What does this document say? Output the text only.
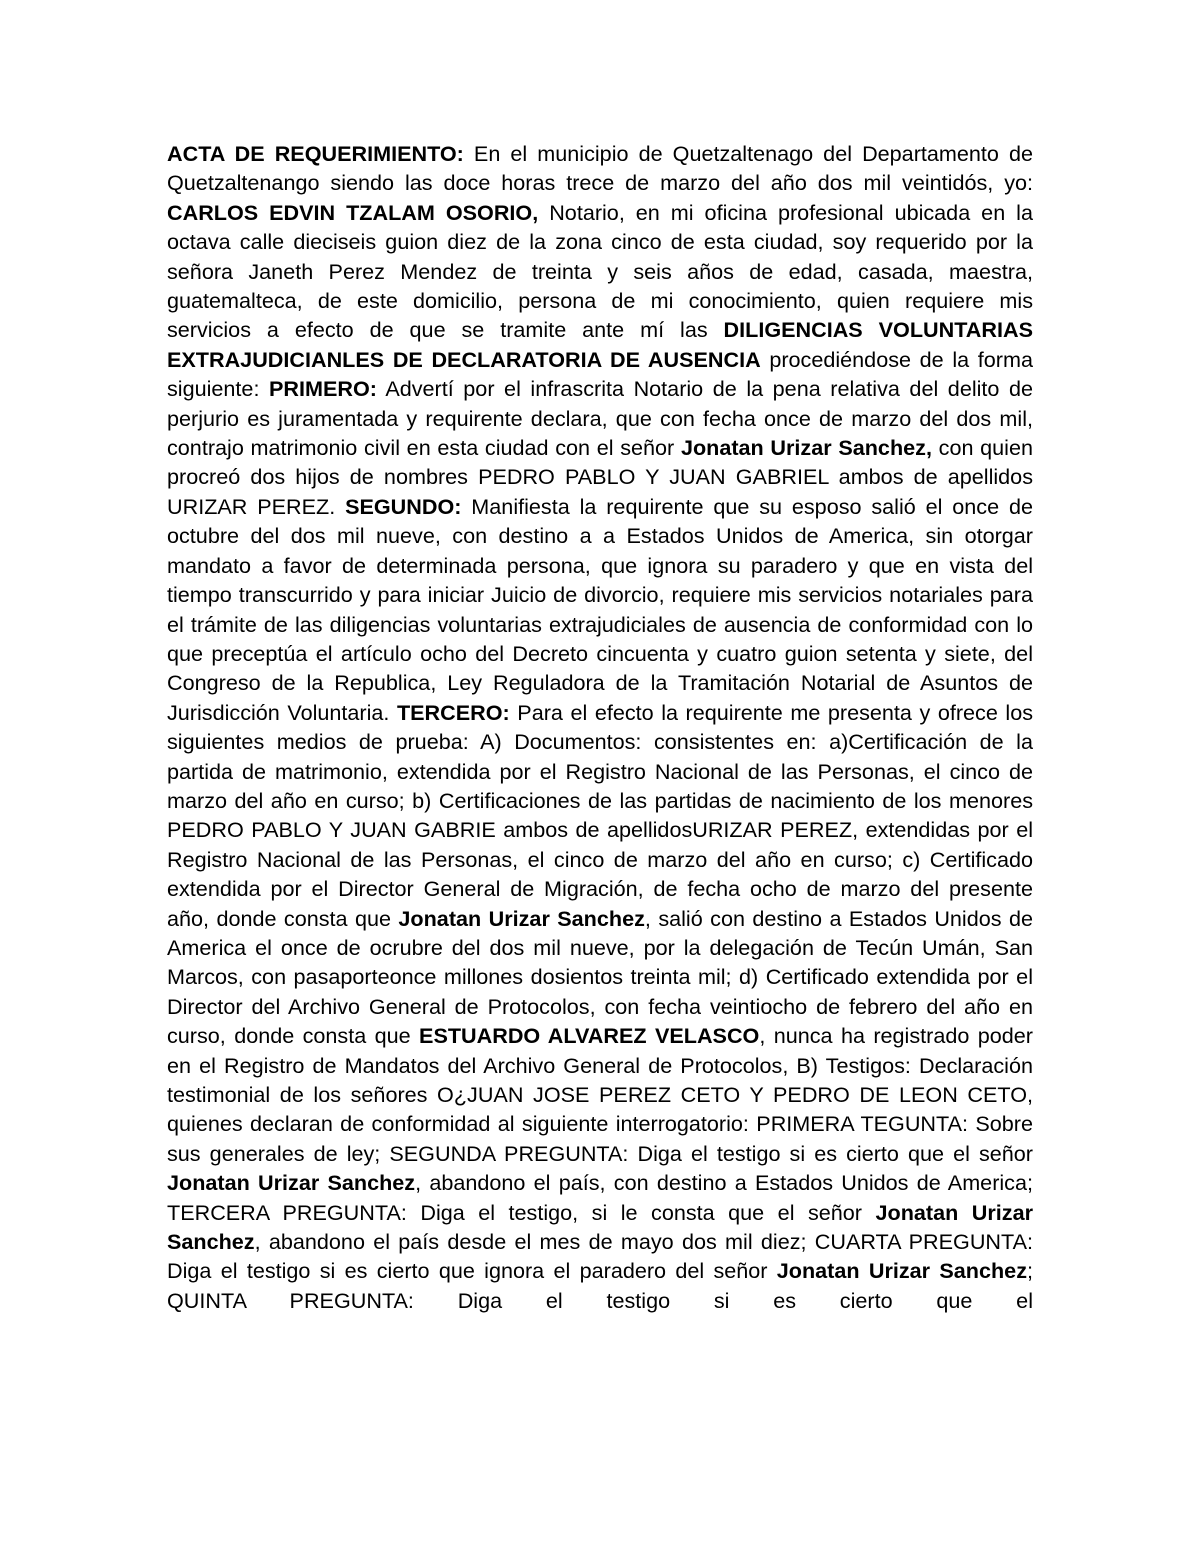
ACTA DE REQUERIMIENTO: En el municipio de Quetzaltenago del Departamento de Quetzaltenango siendo las doce horas trece de marzo del año dos mil veintidós, yo: CARLOS EDVIN TZALAM OSORIO, Notario, en mi oficina profesional ubicada en la octava calle dieciseis guion diez de la zona cinco de esta ciudad, soy requerido por la señora Janeth Perez Mendez de treinta y seis años de edad, casada, maestra, guatemalteca, de este domicilio, persona de mi conocimiento, quien requiere mis servicios a efecto de que se tramite ante mí las DILIGENCIAS VOLUNTARIAS EXTRAJUDICIANLES DE DECLARATORIA DE AUSENCIA procediéndose de la forma siguiente: PRIMERO: Advertí por el infrascrita Notario de la pena relativa del delito de perjurio es juramentada y requirente declara, que con fecha once de marzo del dos mil, contrajo matrimonio civil en esta ciudad con el señor Jonatan Urizar Sanchez, con quien procreó dos hijos de nombres PEDRO PABLO Y JUAN GABRIEL ambos de apellidos URIZAR PEREZ. SEGUNDO: Manifiesta la requirente que su esposo salió el once de octubre del dos mil nueve, con destino a a Estados Unidos de America, sin otorgar mandato a favor de determinada persona, que ignora su paradero y que en vista del tiempo transcurrido y para iniciar Juicio de divorcio, requiere mis servicios notariales para el trámite de las diligencias voluntarias extrajudiciales de ausencia de conformidad con lo que preceptúa el artículo ocho del Decreto cincuenta y cuatro guion setenta y siete, del Congreso de la Republica, Ley Reguladora de la Tramitación Notarial de Asuntos de Jurisdicción Voluntaria. TERCERO: Para el efecto la requirente me presenta y ofrece los siguientes medios de prueba: A) Documentos: consistentes en: a)Certificación de la partida de matrimonio, extendida por el Registro Nacional de las Personas, el cinco de marzo del año en curso; b) Certificaciones de las partidas de nacimiento de los menores PEDRO PABLO Y JUAN GABRIE ambos de apellidosURIZAR PEREZ, extendidas por el Registro Nacional de las Personas, el cinco de marzo del año en curso; c) Certificado extendida por el Director General de Migración, de fecha ocho de marzo del presente año, donde consta que Jonatan Urizar Sanchez, salió con destino a Estados Unidos de America el once de ocrubre del dos mil nueve, por la delegación de Tecún Umán, San Marcos, con pasaporteonce millones dosientos treinta mil; d) Certificado extendida por el Director del Archivo General de Protocolos, con fecha veintiocho de febrero del año en curso, donde consta que ESTUARDO ALVAREZ VELASCO, nunca ha registrado poder en el Registro de Mandatos del Archivo General de Protocolos, B) Testigos: Declaración testimonial de los señores O¿JUAN JOSE PEREZ CETO Y PEDRO DE LEON CETO, quienes declaran de conformidad al siguiente interrogatorio: PRIMERA TEGUNTA: Sobre sus generales de ley; SEGUNDA PREGUNTA: Diga el testigo si es cierto que el señor Jonatan Urizar Sanchez, abandono el país, con destino a Estados Unidos de America; TERCERA PREGUNTA: Diga el testigo, si le consta que el señor Jonatan Urizar Sanchez, abandono el país desde el mes de mayo dos mil diez; CUARTA PREGUNTA: Diga el testigo si es cierto que ignora el paradero del señor Jonatan Urizar Sanchez; QUINTA PREGUNTA: Diga el testigo si es cierto que el
